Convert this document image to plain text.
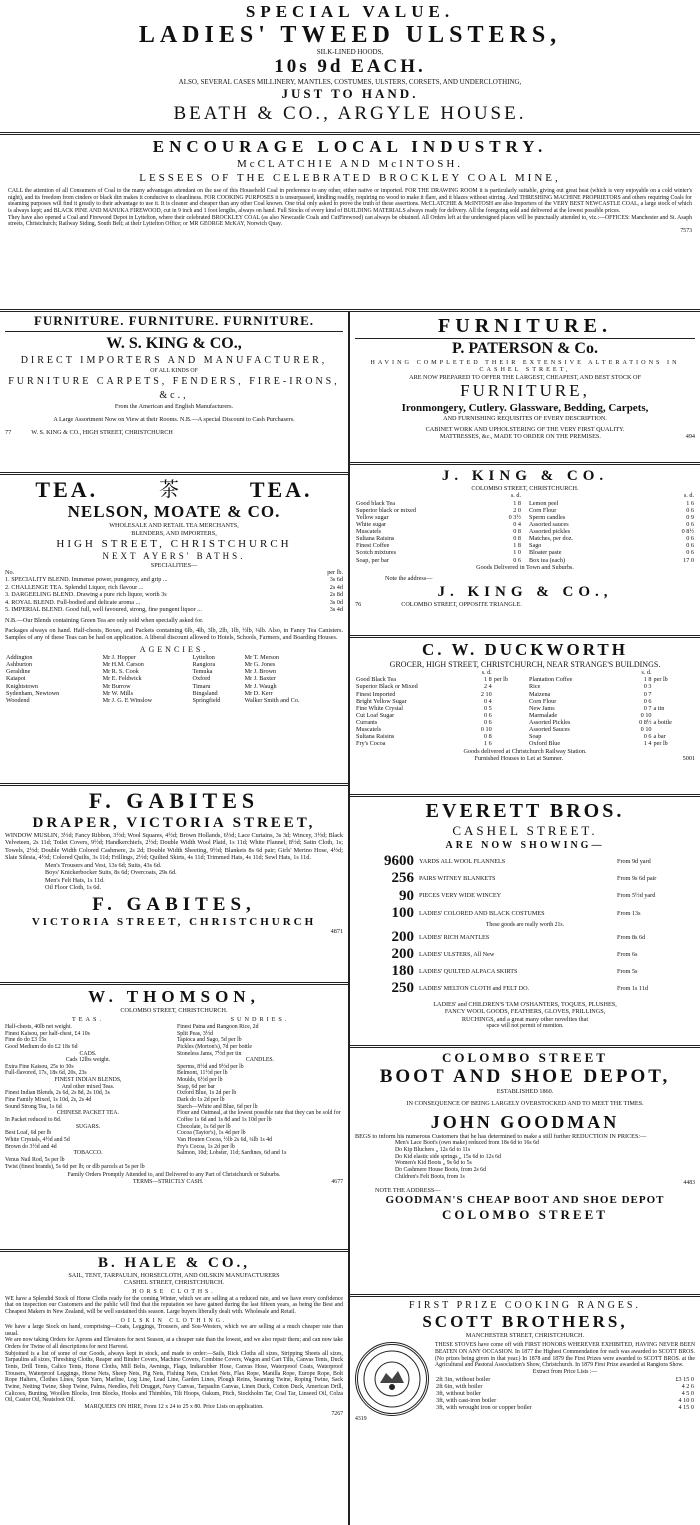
SPECIAL VALUE.
LADIES' TWEED ULSTERS,
SILK-LINED HOODS,
10s 9d EACH.
ALSO, SEVERAL CASES MILLINERY, MANTLES, COSTUMES, ULSTERS, CORSETS, AND UNDERCLOTHING,
JUST TO HAND.
BEATH & CO., ARGYLE HOUSE.
ENCOURAGE LOCAL INDUSTRY.
McCLATCHIE AND McINTOSH.
LESSEES OF THE CELEBRATED BROCKLEY COAL MINE,
CALL the attention of all Consumers of Coal to the many advantages attendant on the use of this Household Coal in preference to any other, either native or imported. FOR THE DRAWING ROOM it is particularly suitable, giving out great heat (which is very enjoyable on a cold winter's night), and its freedom from cinders or black dirt makes it conducive to cleanliness. FOR COOKING PURPOSES it is unsurpassed, kindling readily, requiring no wood to make it flare, and it blazes without stirring. And THRESHING MACHINE PROPRIETORS and others requiring Coals for steaming purposes will find it greatly to their advantage to use it. It is cleaner and cheaper than any other Coal known. One trial only asked to prove the truth of these assertions. McCLATCHIE & McINTOSH are also Importers of the VERY BEST NEWCASTLE COAL, a large stock of which is always kept; and BLACK PINE AND MANUKA FIREWOOD, cut in 9 inch and 1 foot lengths, always on hand. Full Stocks of every kind of BUILDING MATERIALS always ready for delivery. All the foregoing sold and delivered at the lowest possible prices.
They have also opened a Coal and Firewood Depot in Lyttelton, where their celebrated BROCKLEY COAL (as also Newcastle Coals and CutFirewood) can always be obtained. All Orders left at the undersigned places will be punctually attended to, viz.:—OFFICES: Manchester and St. Asaph streets, Christchurch; Railway Siding, South Belt; at their Lyttelton Office; or MR GEORGE McKAY, Norwich Quay.
7573
FURNITURE. FURNITURE. FURNITURE.
W. S. KING & CO.,
DIRECT IMPORTERS AND MANUFACTURER,
OF ALL KINDS OF
FURNITURE CARPETS, FENDERS, FIRE-IRONS, &c.,
From the American and English Manufacturers.
A Large Assortment Now on View at their Rooms. N.B.—A special Discount to Cash Purchasers.
77	W. S. KING & CO., HIGH STREET, CHRISTCHURCH
TEA.	茶	TEA.
NELSON, MOATE & CO.
WHOLESALE AND RETAIL TEA MERCHANTS,
BLENDERS, AND IMPORTERS,
HIGH STREET, CHRISTCHURCH
NEXT AYERS' BATHS.
SPECIALITIES—
No.	per lb.
1. SPECIALITY BLEND. Immense power, pungency, and grip ...	3s 6d
2. CHALLENGE TEA. Splendid Liquor, rich flavour ...	2s 4d
3. DARGEELING BLEND. Drawing a pure rich liquor, worth 3s	2s 8d
4. ROYAL BLEND. Full-bodied and delicate aroma ...	3s 0d
5. IMPERIAL BLEND. Good full, well favoured, strong, fine pungent liquor ...	3s 4d
N.B.—Our Blends containing Green Tea are only sold when specially asked for.
Packages always on hand. Half-chests, Boxes, and Packets containing 6lb, 4lb, 3lb, 2lb, 1lb, ½lb, ¼lb. Also, in Fancy Tea Canisters. Samples of any of these Teas can be had on application. A liberal discount allowed to Hotels, Schools, Farmers, and Boarding Houses.
AGENCIES.
Addington	Mr J. Hopper	Lyttelton	Mr T. Merson
Ashburton	Mr H.M. Carson	Rangiora	Mr G. Jones
Geraldine	Mr R. S. Cook	Temuka	Mr J. Brown
Kaiapoi	Mr E. Feldwick	Oxford	Mr J. Baxter
Knightstown	Mr Burrow	Timaru	Mr J. Waugh
Sydenham, Newtown	Mr W. Mills	Bingsland	Mr D. Kerr
Woodend	Mr J. G. E Winslow	Springfield	Walker Smith and Co.
F. GABITES
DRAPER, VICTORIA STREET,
WINDOW MUSLIN, 3½d; Fancy Ribbon, 3½d; Wool Squares, 4½d; Brown Hollands, 6½d; Lace Curtains, 3s 3d; Wincey, 3½d; Black Velveteen, 2s 11d; Toilet Covers, 9½d; Handkerchiefs, 2½d; Double Width Wool Plaid, 1s 11d; White Flannel, 8½d; Satin Cloth, 1s; Towels, 2½d; Double Width Colored Cashmere, 2s 2d; Double Width Sheeting, 9½d; Blankets 8s 6d pair; Girls' Merino Hose, 4½d; Slate Silesia, 4½d; Colored Quilts, 3s 11d; Frillings, 2½d; Quilted Skirts, 4s 11d; Trimmed Hats, 4s 11d; Sewl Hats, 1s 11d.
Men's Trousers and Vest, 13s 6d; Suits, 43s 6d.
Boys' Knickerbocker Suits, 8s 6d; Overcoats, 29s 6d.
Men's Felt Hats, 1s 11d.
Oil Floor Cloth, 1s 6d.
F. GABITES,
VICTORIA STREET, CHRISTCHURCH
4871
W. THOMSON,
COLOMBO STREET, CHRISTCHURCH.
TEAS.
Half-chests, 40lb net weight.
Finest Kaisou, per half-chest, £4 10s
Fine do do £3 15s
Good Medium do do £2 18s 6d
CADS.
Cads 12lbs weight.
Extra Fine Kaisou, 25s to 30s
Full-flavored, 17s, 18s 6d, 20s, 23s
FINEST INDIAN BLENDS,
And other mixed Teas.
Finest Indian Blends, 2s 6d, 2s 8d, 2s 10d, 3s
Fine Family Mixed, 1s 10d, 2s, 2s 4d
Sound Strong Tea, 1s 6d
CHINESE PACKET TEA.
In Packet reduced to 8d.
SUGARS.
Best Loaf, 6d per lb
White Crystals, 4½d and 5d
Brown do 3½d and 4d
TOBACCO.
Venus Nail Rod, 5s per lb
Twist (finest brands), 5s 6d per lb; or dlb parcels at 5s per lb
SUNDRIES.
Finest Patna and Rangoon Rice, 2d
Split Peas, 3½d
Tapioca and Sago, 5d per lb
Pickles (Morton's), 7d per bottle
Stoneless Jams, 7½d per tin
CANDLES.
Sperms, 8½d and 9½d per lb
Belmont, 11½d per lb
Moulds, 6½d per lb
Soap, 6d per bar
Oxford Blue, 1s 2d per lb
Dark do 1s 2d per lb
Starch—White and Blue, 6d per lb
Flour and Oatmeal, at the lowest possible rate that they can be sold for
Coffee 1s 6d and 1s 8d and 1s 10d per lb
Chocolate, 1s 6d per lb
Cocoa (Tayior's), 1s 4d per lb
Van Houten Cocoa, ½lb 2s 6d, ¼lb 1s 4d
Fry's Cocoa, 1s 2d per lb
Salmon, 10d; Lobster, 11d; Sardines, 6d and 1s
Family Orders Promptly Attended to, and Delivered to any Part of Christchurch or Suburbs.
TERMS—STRICTLY CASH.	4677
B. HALE & CO.,
SAIL, TENT, TARPAULIN, HORSECLOTH, AND OILSKIN MANUFACTURERS
CASHEL STREET, CHRISTCHURCH.
HORSE CLOTHS.
WE have a Splendid Stock of Horse Cloths ready for the coming Winter, which we are selling at a reduced rate, and we have every confidence that on inspection our Customers and the public will find that the reputation we have gained during the last fifteen years, as being the Best and Cheapest Makers in New Zealand, will be well sustained this season. Large buyers liberally dealt with. Wholesale and Retail.
OILSKIN CLOTHING.
We have a large Stock on hand, comprising—Coats, Leggings, Trousers, and Sou-Westers, which we are selling at a much cheaper rate than usual.
We are now taking Orders for Aprons and Elevators for next Season, at a cheaper rate than the lowest, and we also repair them; and can now take Orders for Twine of all descriptions for next Harvest.
Subjoined is a list of some of our Goods, always kept in stock, and made to order:—Sails, Rick Cloths all sizes, Stripping Sheets all sizes, Tarpaulins all sizes, Threshing Cloths, Reaper and Binder Covers, Machine Covers, Combine Covers, Wagon and Cart Tilts, Canvas Tents, Duck Tents, Drill Tents, Calico Tents, Horse Cloths, Mill Belts, Awnings, Flags, Indiarubber Hose, Canvas Hose, Waterproof Coats, Waterproof Trousers, Waterproof Leggings, Horse Nets, Sheep Nets, Pig Nets, Fishing Nets, Cricket Nets, Flax Rope, Manilla Rope, Europe Rope, Bolt Rope Halters, Clothes Lines, Spun Yarn, Marline, Log Line, Lead Line, Garden Lines, Plough Reins, Seaming Twine, Roping Twine, Sack Twine, Netting Twine, Shop Twine, Palms, Needles, Felt Drugget, Navy Canvas, Tarpaulin Canvas, Linen Duck, Cotton Duck, American Drill, Calicoes, Bunting, Woollen Blocks, Iron Blocks, Hooks and Thimbles, Tilt Hoops, Oakum, Pitch, Stockholm Tar, Coal Tar, Linseed Oil, Colza Oil, Castor Oil, Neatsfoot Oil.
MARQUEES ON HIRE, From 12 x 24 to 25 x 80. Price Lists on application.
7267
FURNITURE.
P. PATERSON & Co.
HAVING COMPLETED THEIR EXTENSIVE ALTERATIONS IN CASHEL STREET,
ARE NOW PREPARED TO OFFER THE LARGEST, CHEAPEST, AND BEST STOCK OF
FURNITURE,
Ironmongery, Cutlery. Glassware, Bedding, Carpets,
AND FURNISHING REQUISITES OF EVERY DESCRIPTION.
CABINET WORK AND UPHOLSTERING OF THE VERY FIRST QUALITY.
MATTRESSES, &c., MADE TO ORDER ON THE PREMISES.	494
J. KING & CO.
COLOMBO STREET, CHRISTCHURCH.
	s. d.
Good black Tea	1 8
Superior black or mixed	2 0
Yellow sugar	0 3½
White sugar	0 4
Muscatels	0 8
Sultana Raisins	0 8
Finest Coffee	1 8
Scotch mixtures	1 0
Soap, per bar	0 6
	s. d.
Lemon peel	1 6
Corn Flour	0 6
Sperm candles	0 9
Assorted sauces	0 6
Assorted pickles	0 8½
Matches, per doz.	0 6
Sago	0 6
Bloater paste	0 6
Box tea (each)	17 0
Goods Delivered in Town and Suburbs.
Note the address—
J. KING & CO.,
76	COLOMBO STREET, OPPOSITE TRIANGLE.
C. W. DUCKWORTH
GROCER, HIGH STREET, CHRISTCHURCH, NEAR STRANGE'S BUILDINGS.
	s. d.	
Good Black Tea	1 8	per lb
Superior Black or Mixed	2 4	
Finest Imported	2 10	
Bright Yellow Sugar	0 4	
Fine White Crystal	0 5	
Cut Loaf Sugar	0 6	
Currants	0 6	
Muscatels	0 10	
Sultana Raisins	0 8	
Fry's Cocoa	1 6	
	s. d.	
Plantation Coffee	1 8	per lb
Rice	0 3	
Maizena	0 7	
Corn Flour	0 6	
New Jams	0 7	a tin
Marmalade	0 10	
Assorted Pickles	0 8½	a bottle
Assorted Sauces	0 10	
Soap	0 6	a bar
Oxford Blue	1 4	per lb
Goods delivered at Christchurch Railway Station.
Furnished Houses to Let at Sumner.	5001
EVERETT BROS.
CASHEL STREET.
ARE NOW SHOWING—
9600 YARDS ALL WOOL FLANNELS	From 9d yard
256 PAIRS WITNEY BLANKETS	From 9s 6d pair
90 PIECES VERY WIDE WINCEY	From 5½d yard
100 LADIES' COLORED AND BLACK COSTUMES	From 13s
These goods are really worth 21s.
200 LADIES' RICH MANTLES	From 8s 6d
200 LADIES' ULSTERS, All New	From 6s
180 LADIES' QUILTED ALPACA SKIRTS	From 5s
250 LADIES' MELTON CLOTH and FELT DO.	From 1s 11d
LADIES' and CHILDREN'S TAM O'SHANTERS, TOQUES, PLUSHES,
FANCY WOOL GOODS, FEATHERS, GLOVES, FRILLINGS,
RUCHINGS, and a great many other novelties that
space will not permit of mention.
COLOMBO STREET
BOOT AND SHOE DEPOT,
ESTABLISHED 1860.
IN CONSEQUENCE OF BEING LARGELY OVERSTOCKED AND TO MEET THE TIMES.
JOHN GOODMAN
BEGS to inform his numerous Customers that he has determined to make a still further REDUCTION IN PRICES:—
Men's Lace Boot's (own make) reduced from 18s 6d to 16s 6d
Do Kip Bluchers „ 12s 6d to 11s
Do Kid elastic side springs „ 15s 6d to 12s 6d
Women's Kid Boots „ 9s 6d to 5s
Do Cashmere House Boots, from 2s 6d
Children's Felt Boots, from 1s
4483
NOTE THE ADDRESS—
GOODMAN'S CHEAP BOOT AND SHOE DEPOT
COLOMBO STREET
FIRST PRIZE COOKING RANGES.
SCOTT BROTHERS,
MANCHESTER STREET, CHRISTCHURCH.
THESE STOVES have come off with FIRST HONORS WHEREVER EXHIBITED, HAVING NEVER BEEN BEATEN ON ANY OCCASION. In 1877 the Highest Commendation for each was awarded to SCOTT BROS. (No prizes being given in that year.) In 1878 and 1879 the First Prizes were awarded to SCOTT BROS. at the Agricultural and Pastoral Association's Show, Christchurch. In 1879 First Prize awarded at Rangiora Show.
Extract from Price Lists :—
2ft 3in, without boiler	£3 15 0
2ft 6in, with boiler	4 2 6
3ft, without boiler	4 5 0
3ft, with cast-iron boiler	4 10 0
3ft, with wrought iron or copper boiler	4 15 0
4319
